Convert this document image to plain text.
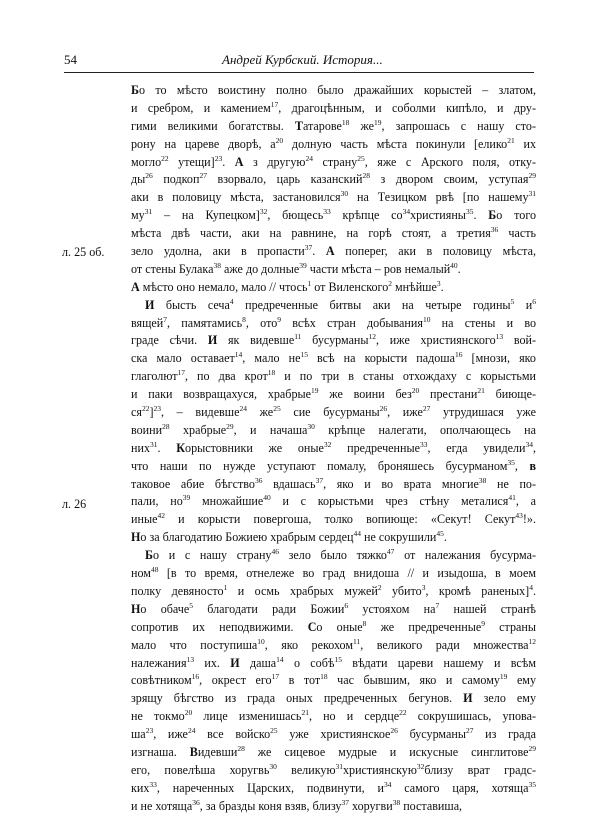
54	Андрей Курбский. История...
л. 25 об.
л. 26
Бо то мѣсто воистину полно было дражайших корыстей – златом,
и сребром, и камением$^{17}$, драгоцѣнным, и соболми кипѣло, и дру-
гими великими богатствы. Татарове$^{18}$ $же^{19}$, запрошась с нашу сто-
рону на цареве дворѣ, $а^{20}$ долную часть мѣста покинули [елико$^{21}$ их
могло$^{22}$ утещи]$^{23}$. А з другую$^{24}$ страну$^{25}$, яже с Арского поля, отку-
$ды^{26}$ подкоп$^{27}$ взорвало, царь казанский$^{28}$ з двором своим, уступая$^{29}$
аки в половицу мѣста, застановился$^{30}$ на Тезицком рвѣ [по нашему$^{31}$
$му^{31}$ – на Купецком]$^{32}$, бющесь$^{33}$ крѣпце $со^{34}християны^{35}$. Бо того
мѣста двѣ части, аки на равнине, на горѣ стоят, а третия$^{36}$ часть
зело удолна, аки в пропасти$^{37}$. А поперег, аки в половицу мѣста,
от стены Булака$^{38}$ аже до долные$^{39}$ части мѣста – ров немалый$^{40}$.
А мѣсто оно немало, мало // чтось$^1$ от Виленского$^2$ мнѣйше$^3$.
И бысть сеча$^4$ предреченные битвы аки на четыре годины$^5$ $и^6$
вящей$^7$, памятамись$^8$, ото$^9$ всѣх стран добывания$^{10}$ на стены и во
граде сѣчи. И як видевше$^{11}$ бусурманы$^{12}$, иже християнского$^{13}$ вой-
ска мало оставает$^{14}$, мало $не^{15}$ всѣ на корысти падоша$^{16}$ [мнози, яко
глаголют$^{17}$, по два крот$^{18}$ и по три в станы отхождаху с корыстьми
и паки возвращахуся, храбрые$^{19}$ же воини без$^{20}$ престани$^{21}$ биюще-
$ся^{22}]^{23}$, – видевше$^{24}$ $же^{25}$ сие бусурманы$^{26}$, иже$^{27}$ утрудишася уже
воини$^{28}$ храбрые$^{29}$, и начаша$^{30}$ крѣпце налегати, ополчающесь на
них$^{31}$. Корыстовники же оные$^{32}$ предреченные$^{33}$, егда увидели$^{34}$,
что наши по нужде уступают помалу, броняшесь бусурманом$^{35}$, в
таковое абие бѣгство$^{36}$ вдашась$^{37}$, яко и во врата многие$^{38}$ не по-
пали, $но^{39}$ множайшие$^{40}$ и с корыстьми чрез стѣну металися$^{41}$, а
иные$^{42}$ и корысти повергоша, толко вопиюще: «Секут! Секут$^{43}$!».
Но за благодатию Божиею храбрым сердец$^{44}$ не сокрушили$^{45}$.
Бо и с нашу страну$^{46}$ зело было тяжко$^{47}$ от належания бусурма-
ном$^{48}$ [в то время, отнележе во град внидоша // и изыдоша, в моем
полку девяносто$^1$ и осмь храбрых мужей$^2$ убито$^3$, кромѣ раненых]$^4$.
Но обаче$^5$ благодати ради Божии$^6$ устояхом $на^7$ нашей странѣ
сопротив их неподвижими. Со оные$^8$ же предреченные$^9$ страны
мало что поступиша$^{10}$, яко рекохом$^{11}$, великого ради множества$^{12}$
належания$^{13}$ их. И даша$^{14}$ о собѣ$^{15}$ вѣдати цареви нашему и всѣм
совѣтником$^{16}$, окрест его$^{17}$ в тот$^{18}$ час бывшим, яко и самому$^{19}$ ему
зрящу бѣгство из града оных предреченных бегунов. И зело ему
не токмо$^{20}$ лице изменишась$^{21}$, но и сердце$^{22}$ сокрушишась, упова-
$ша^{23}$, иже$^{24}$ все войско$^{25}$ уже християнское$^{26}$ бусурманы$^{27}$ из града
изгнаша. Видевши$^{28}$ же сицевое мудрые и искусные синглитове$^{29}$
его, повелѣша хоругвь$^{30}$ великую$^{31}$християнскую$^{32}$близу врат градс-
ких$^{33}$, нареченных Царских, подвинути, $и^{34}$ самого царя, хотяща$^{35}$
и не хотяща$^{36}$, за бразды коня взяв, близу$^{37}$ хоругви$^{38}$ поставиша,
